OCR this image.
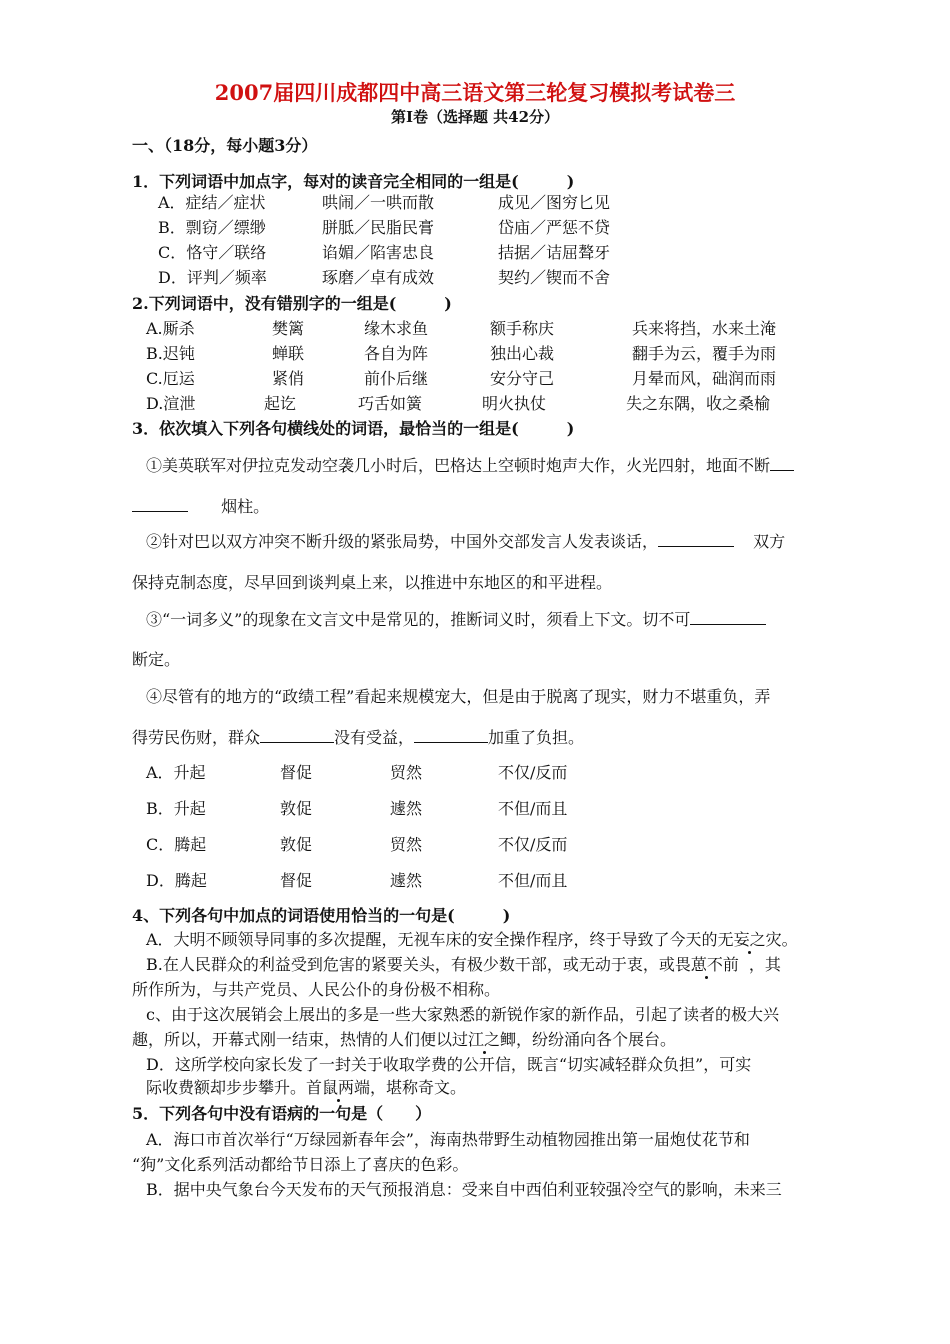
2007届四川成都四中高三语文第三轮复习模拟考试卷三
第Ⅰ卷（选择题 共42分）
一、（18分，每小题3分）
1．下列词语中加点字，每对的读音完全相同的一组是(　　　)
A．症结／症状	哄闹／一哄而散	成见／图穷匕见
B．剽窃／缥缈	胼胝／民脂民膏	岱庙／严惩不贷
C．恪守／联络	谄媚／陷害忠良	拮据／诘屈聱牙
D．评判／频率	琢磨／卓有成效	契约／锲而不舍
2.下列词语中，没有错别字的一组是(　　　)
A.厮杀	樊篱	缘木求鱼	额手称庆	兵来将挡，水来土淹
B.迟钝	蝉联	各自为阵	独出心裁	翻手为云，覆手为雨
C.厄运	紧俏	前仆后继	安分守己	月晕而风，础润而雨
D.渲泄	起讫	巧舌如簧	明火执仗	失之东隅，收之桑榆
3．依次填入下列各句横线处的词语，最恰当的一组是(　　　)
①美英联军对伊拉克发动空袭几小时后，巴格达上空顿时炮声大作，火光四射，地面不断
烟柱。
②针对巴以双方冲突不断升级的紧张局势，中国外交部发言人发表谈话，	双方
保持克制态度，尽早回到谈判桌上来，以推进中东地区的和平进程。
③“一词多义”的现象在文言文中是常见的，推断词义时，须看上下文。切不可
断定。
④尽管有的地方的“政绩工程”看起来规模宠大，但是由于脱离了现实，财力不堪重负，弄
得劳民伤财，群众	没有受益，	加重了负担。
A．升起	督促	贸然	不仅/反而
B．升起	敦促	遽然	不但/而且
C．腾起	敦促	贸然	不仅/反而
D．腾起	督促	遽然	不但/而且
4、下列各句中加点的词语使用恰当的一句是(　　　)
A．大明不顾领导同事的多次提醒，无视车床的安全操作程序，终于导致了今天的无妄之灾。
B.在人民群众的利益受到危害的紧要关头，有极少数干部，或无动于衷，或畏葸不前 ，其
所作所为，与共产党员、人民公仆的身份极不相称。
c、由于这次展销会上展出的多是一些大家熟悉的新锐作家的新作品，引起了读者的极大兴
趣，所以，开幕式刚一结束，热情的人们便以过江之鲫，纷纷涌向各个展台。
D．这所学校向家长发了一封关于收取学费的公开信，既言“切实减轻群众负担”，可实
际收费额却步步攀升。首鼠两端，堪称奇文。
5．下列各句中没有语病的一句是（　　）
A．海口市首次举行“万绿园新春年会”，海南热带野生动植物园推出第一届炮仗花节和
“狗”文化系列活动都给节日添上了喜庆的色彩。
B．据中央气象台今天发布的天气预报消息：受来自中西伯利亚较强冷空气的影响，未来三
